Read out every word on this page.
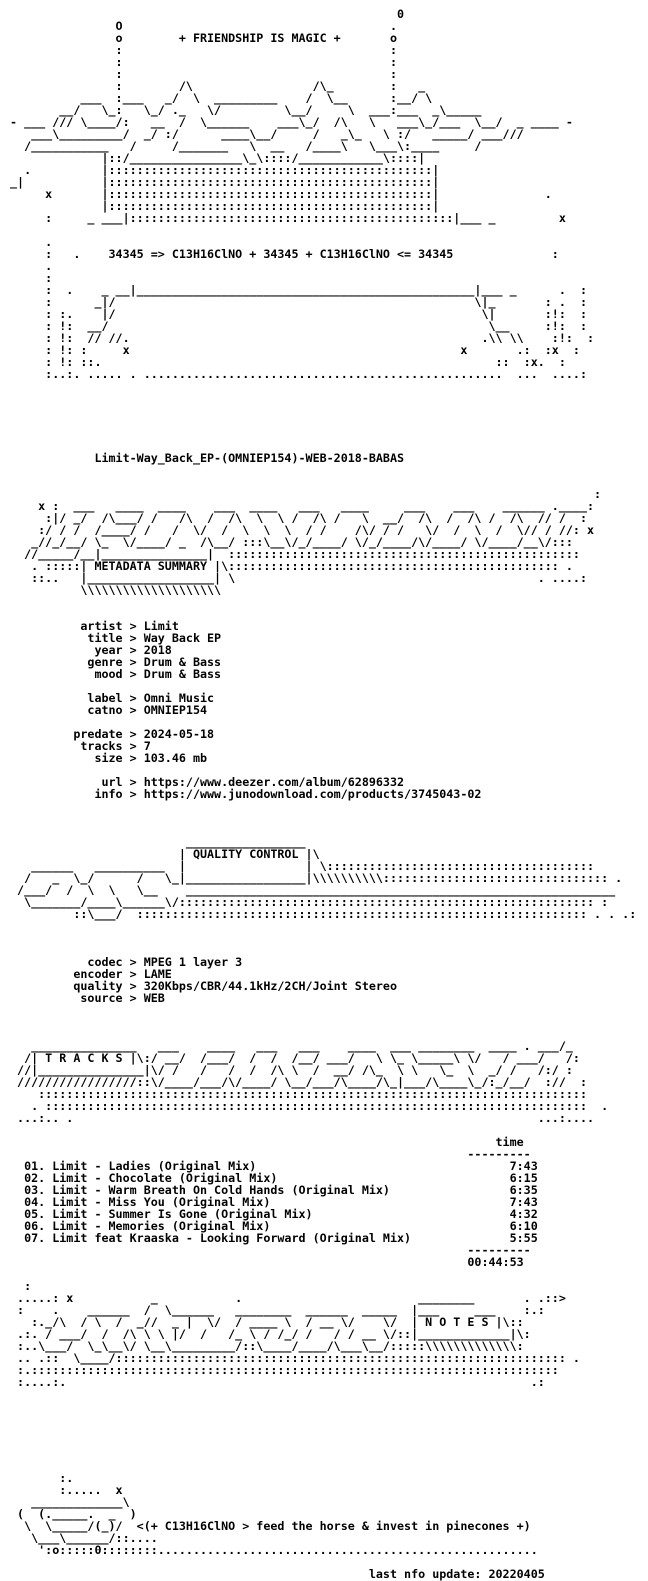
0
O                                      .
o        + FRIENDSHIP IS MAGIC +       o
:                                      :
:                                      :
:                                      :
:        /\                 /\_        :   _
___  :___   _/  \  _________    /  \__      :__/ \
__/   \_:   \_/ ._   \/         \__/     \  ___:___  _\_____
- ___ /// \____/:   __  /  \______    ___\_/  /\   \   ___\_/___  \__/  _ ____ -
___\_________/  _/ :/      ____\__/     /   _\_   \ :/   _____/ ___///
/___________   /     /_______   \  __   /____\   \___\:____     /
|::/________________\_\::::/____________\::::|
.          |::::::::::::::::::::::::::::::::::::::::::::::|
_|           |::::::::::::::::::::::::::::::::::::::::::::::|
x       |::::::::::::::::::::::::::::::::::::::::::::::|               .
|::::::::::::::::::::::::::::::::::::::::::::::|
:     _ ___|::::::::::::::::::::::::::::::::::::::::::::::|___ _         x
.
:   .    34345 => C13H16ClNO + 34345 + C13H16ClNO <= 34345              :
.
:
:  .    _ __|________________________________________________|___ _      .  :
:      _|/                                                   \|_       : .  :
: :.    |/                                                    \|       :!:  :
: !:  __/                                                      \__     :!:  :
: !:  // //.                                                  .\\ \\    :!:  :
: !: :     x                                               x       .:  :x  :
: !: ::.                                                        ::  :x.  :
:..:. ..... . ...................................................  ...  ....:
Limit-Way_Back_EP-(OMNIEP154)-WEB-2018-BABAS
:
x :  ___   ____  ____    ___  ____   ___   ____     ___    ___    ______ .____:
:|/ _/  /\___/ /   /\  /  /\  \  \ /  /\ /   \  __/  /\  /  /\ /  /\  // /  :
:/ / /  /____/ /   /  \/  /  \  \  \  / /    /\/ / /   \/  /  \  /  \// / //: x
_//_/__/ \_  \/____/ _  /\__/ :::\__\/_/____/ \/_/____/\/____/ \/____/__\/:::
//_____/__|_______________|  ::::::::::::::::::::::::::::::::::::::::::::::::::
. :::::| METADATA SUMMARY |\::::::::::::::::::::::::::::::::::::::::::::::: .
::..   |__________________| \                                           . ....:
\\\\\\\\\\\\\\\\\\\\
artist > Limit
title > Way Back EP
year > 2018
genre > Drum & Bass
mood > Drum & Bass
label > Omni Music
catno > OMNIEP154
predate > 2024-05-18
tracks > 7
size > 103.46 mb
url > https://www.deezer.com/album/62896332
info > https://www.junodownload.com/products/3745043-02
_________________
| QUALITY CONTROL |\
______   __________  |                 | \::::::::::::::::::::::::::::::::::::::
/   _  \_/      /   \_|_________________|\\\\\\\\\\:::::::::::::::::::::::::::::::: .
/___/  /  \  \   \__    _____________________________________________________________
\_______/____\______\/::::::::::::::::::::::::::::::::::::::::::::::::::::::::::: :
::\___/  :::::::::::::::::::::::::::::::::::::::::::::::::::::::::::::::: . . .:
codec > MPEG 1 layer 3
encoder > LAME
quality > 320Kbps/CBR/44.1kHz/2CH/Joint Stereo
source > WEB
_______________   ___    ____   ___   ___    ____  ___ ________  ____ . ___/_
/| T R A C K S |\:/ __/  /___/  /  /  /__/ ___/   \ \_ \_____\ \/   / ___/   /:
//|_______________|\/ /   /   /  /  /\ \  /  __/ /\_  \ \   \_  \  _/ /   /:/ :
/////////////////::\/____/___/\/____/ \__/___/\____/\_|___/\____\_/:_/__/  ://  :
::::::::::::::::::::::::::::::::::::::::::::::::::::::::::::::::::::::::::::::
. :::::::::::::::::::::::::::::::::::::::::::::::::::::::::::::::::::::::::::::  .
...:.. .                                                                  ...:....
time
---------
01. Limit - Ladies (Original Mix)                                    7:43
02. Limit - Chocolate (Original Mix)                                 6:15
03. Limit - Warm Breath On Cold Hands (Original Mix)                 6:35
04. Limit - Miss You (Original Mix)                                  7:43
05. Limit - Summer Is Gone (Original Mix)                            4:32
06. Limit - Memories (Original Mix)                                  6:10
07. Limit feat Kraaska - Looking Forward (Original Mix)              5:55
---------
00:44:53
:
.....: x           _           .                         ________       . .::>
:    .    ______  /  \______   ________  ______  _____  |___     ___    :.:
:._/\  / \  /  _//  _ |  \/  / ____ \  / __ \/    \/  | N O T E S |\::
.:. / ___/  /  /\ \ \ |/  /   /_ \ / /_/ /   / / __ \/::|_____________|\:
:..\___/  \_\__\/ \__\_________/::\____/____/\___\__/:::::\\\\\\\\\\\\\:
.. .::  \____/:::::::::::::::::::::::::::::::::::::::::::::::::::::::::::::::: .
:.:::::::::::::::::::::::::::::::::::::::::::::::::::::::::::::::::::::::::::
:....:.                                                                  .:
:.
:.....  x
_____________\
(  (._____.  _  )
\  \_____/(_)/  <(+ C13H16ClNO > feed the horse & invest in pinecones +)
\___\______/::....
':o:::::0::::::::......................................................
last nfo update: 20220405
